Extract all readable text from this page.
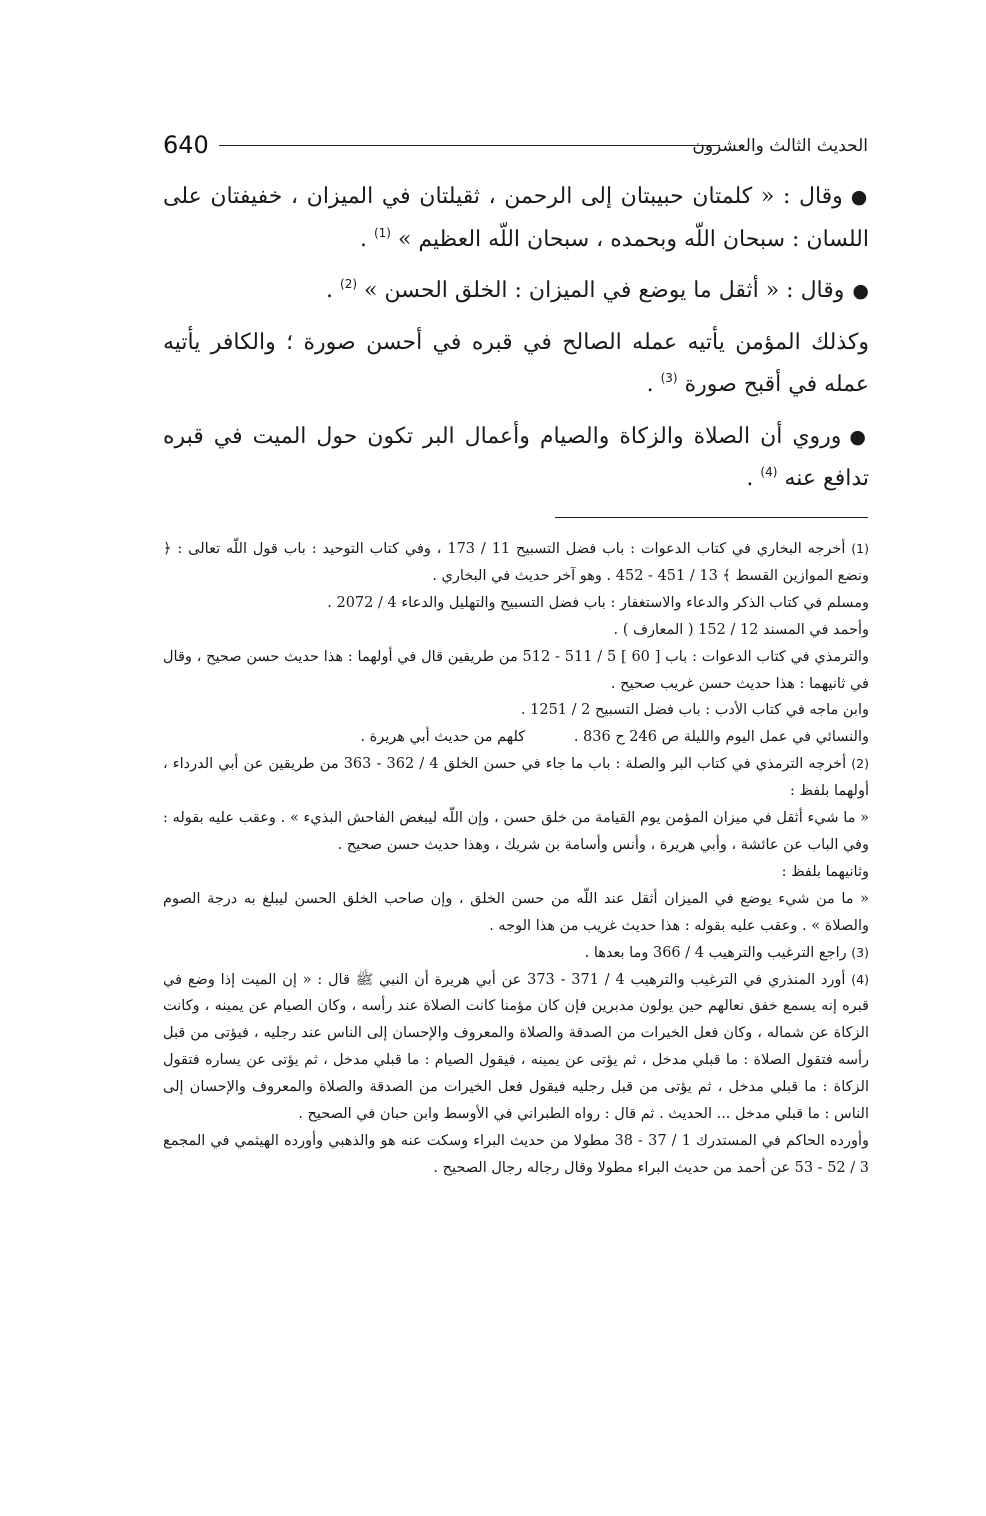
640	الحديث الثالث والعشرون

●وقال : « كلمتان حبيبتان إلى الرحمن ، ثقيلتان في الميزان ، خفيفتان على اللسان : سبحان اللّه وبحمده ، سبحان اللّه العظيم » $^{(1)}$ .

●وقال : « أثقل ما يوضع في الميزان : الخلق الحسن » $^{(2)}$ .

وكذلك المؤمن يأتيه عمله الصالح في قبره في أحسن صورة ؛ والكافر يأتيه عمله في أقبح صورة $^{(3)}$ .

●وروي أن الصلاة والزكاة والصيام وأعمال البر تكون حول الميت في قبره تدافع عنه $^{(4)}$ .

(1) أخرجه البخاري في كتاب الدعوات : باب فضل التسبيح 11 / 173 ، وفي كتاب التوحيد : باب قول اللّه تعالى : ﴿ ونضع الموازين القسط ﴾ 13 / 451 - 452 . وهو آخر حديث في البخاري .

ومسلم في كتاب الذكر والدعاء والاستغفار : باب فضل التسبيح والتهليل والدعاء 4 / 2072 .

وأحمد في المسند 12 / 152 ( المعارف ) .

والترمذي في كتاب الدعوات : باب [ 60 ] 5 / 511 - 512 من طريقين قال في أولهما : هذا حديث حسن صحيح ، وقال في ثانيهما : هذا حديث حسن غريب صحيح .

وابن ماجه في كتاب الأدب : باب فضل التسبيح 2 / 1251 .

والنسائي في عمل اليوم والليلة ص 246 ح 836 . كلهم من حديث أبي هريرة .

(2) أخرجه الترمذي في كتاب البر والصلة : باب ما جاء في حسن الخلق 4 / 362 - 363 من طريقين عن أبي الدرداء ، أولهما بلفظ :

« ما شيء أثقل في ميزان المؤمن يوم القيامة من خلق حسن ، وإن اللّه ليبغض الفاحش البذيء » . وعقب عليه بقوله : وفي الباب عن عائشة ، وأبي هريرة ، وأنس وأسامة بن شريك ، وهذا حديث حسن صحيح .

وثانيهما بلفظ :

« ما من شيء يوضع في الميزان أثقل عند اللّه من حسن الخلق ، وإن صاحب الخلق الحسن ليبلغ به درجة الصوم والصلاة » . وعقب عليه بقوله : هذا حديث غريب من هذا الوجه .

(3) راجع الترغيب والترهيب 4 / 366 وما بعدها .

(4) أورد المنذري في الترغيب والترهيب 4 / 371 - 373 عن أبي هريرة أن النبي ﷺ قال : « إن الميت إذا وضع في قبره إنه يسمع خفق نعالهم حين يولون مدبرين فإن كان مؤمنا كانت الصلاة عند رأسه ، وكان الصيام عن يمينه ، وكانت الزكاة عن شماله ، وكان فعل الخيرات من الصدقة والصلاة والمعروف والإحسان إلى الناس عند رجليه ، فيؤتى من قبل رأسه فتقول الصلاة : ما قبلي مدخل ، ثم يؤتى عن يمينه ، فيقول الصيام : ما قبلي مدخل ، ثم يؤتى عن يساره فتقول الزكاة : ما قبلي مدخل ، ثم يؤتى من قبل رجليه فيقول فعل الخيرات من الصدقة والصلاة والمعروف والإحسان إلى الناس : ما قبلي مدخل ... الحديث . ثم قال : رواه الطبراني في الأوسط وابن حبان في الصحيح .

وأورده الحاكم في المستدرك 1 / 37 - 38 مطولا من حديث البراء وسكت عنه هو والذهبي وأورده الهيثمي في المجمع 3 / 52 - 53 عن أحمد من حديث البراء مطولا وقال رجاله رجال الصحيح .
